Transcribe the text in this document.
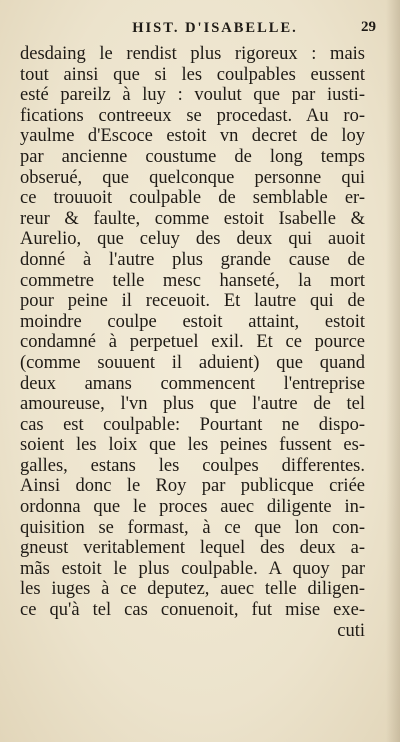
HIST. D'ISABELLE.	29
desdaing le rendist plus rigoreux : mais
tout ainsi que si les coulpables eussent
esté pareilz à luy : voulut que par iusti-
fications contreeux se procedast. Au ro-
yaulme d'Escoce estoit vn decret de loy
par ancienne coustume de long temps
obserué, que quelconque personne qui
ce trouuoit coulpable de semblable er-
reur & faulte, comme estoit Isabelle &
Aurelio, que celuy des deux qui auoit
donné à l'autre plus grande cause de
commetre telle mesc hanseté, la mort
pour peine il receuoit. Et lautre qui de
moindre coulpe estoit attaint, estoit
condamné à perpetuel exil. Et ce pource
(comme souuent il aduient) que quand
deux amans commencent l'entreprise
amoureuse, l'vn plus que l'autre de tel
cas est coulpable: Pourtant ne dispo-
soient les loix que les peines fussent es-
galles, estans les coulpes differentes.
Ainsi donc le Roy par publicque criée
ordonna que le proces auec diligente in-
quisition se formast, à ce que lon con-
gneust veritablement lequel des deux a-
mãs estoit le plus coulpable. A quoy par
les iuges à ce deputez, auec telle diligen-
ce qu'à tel cas conuenoit, fut mise exe-
cuti
